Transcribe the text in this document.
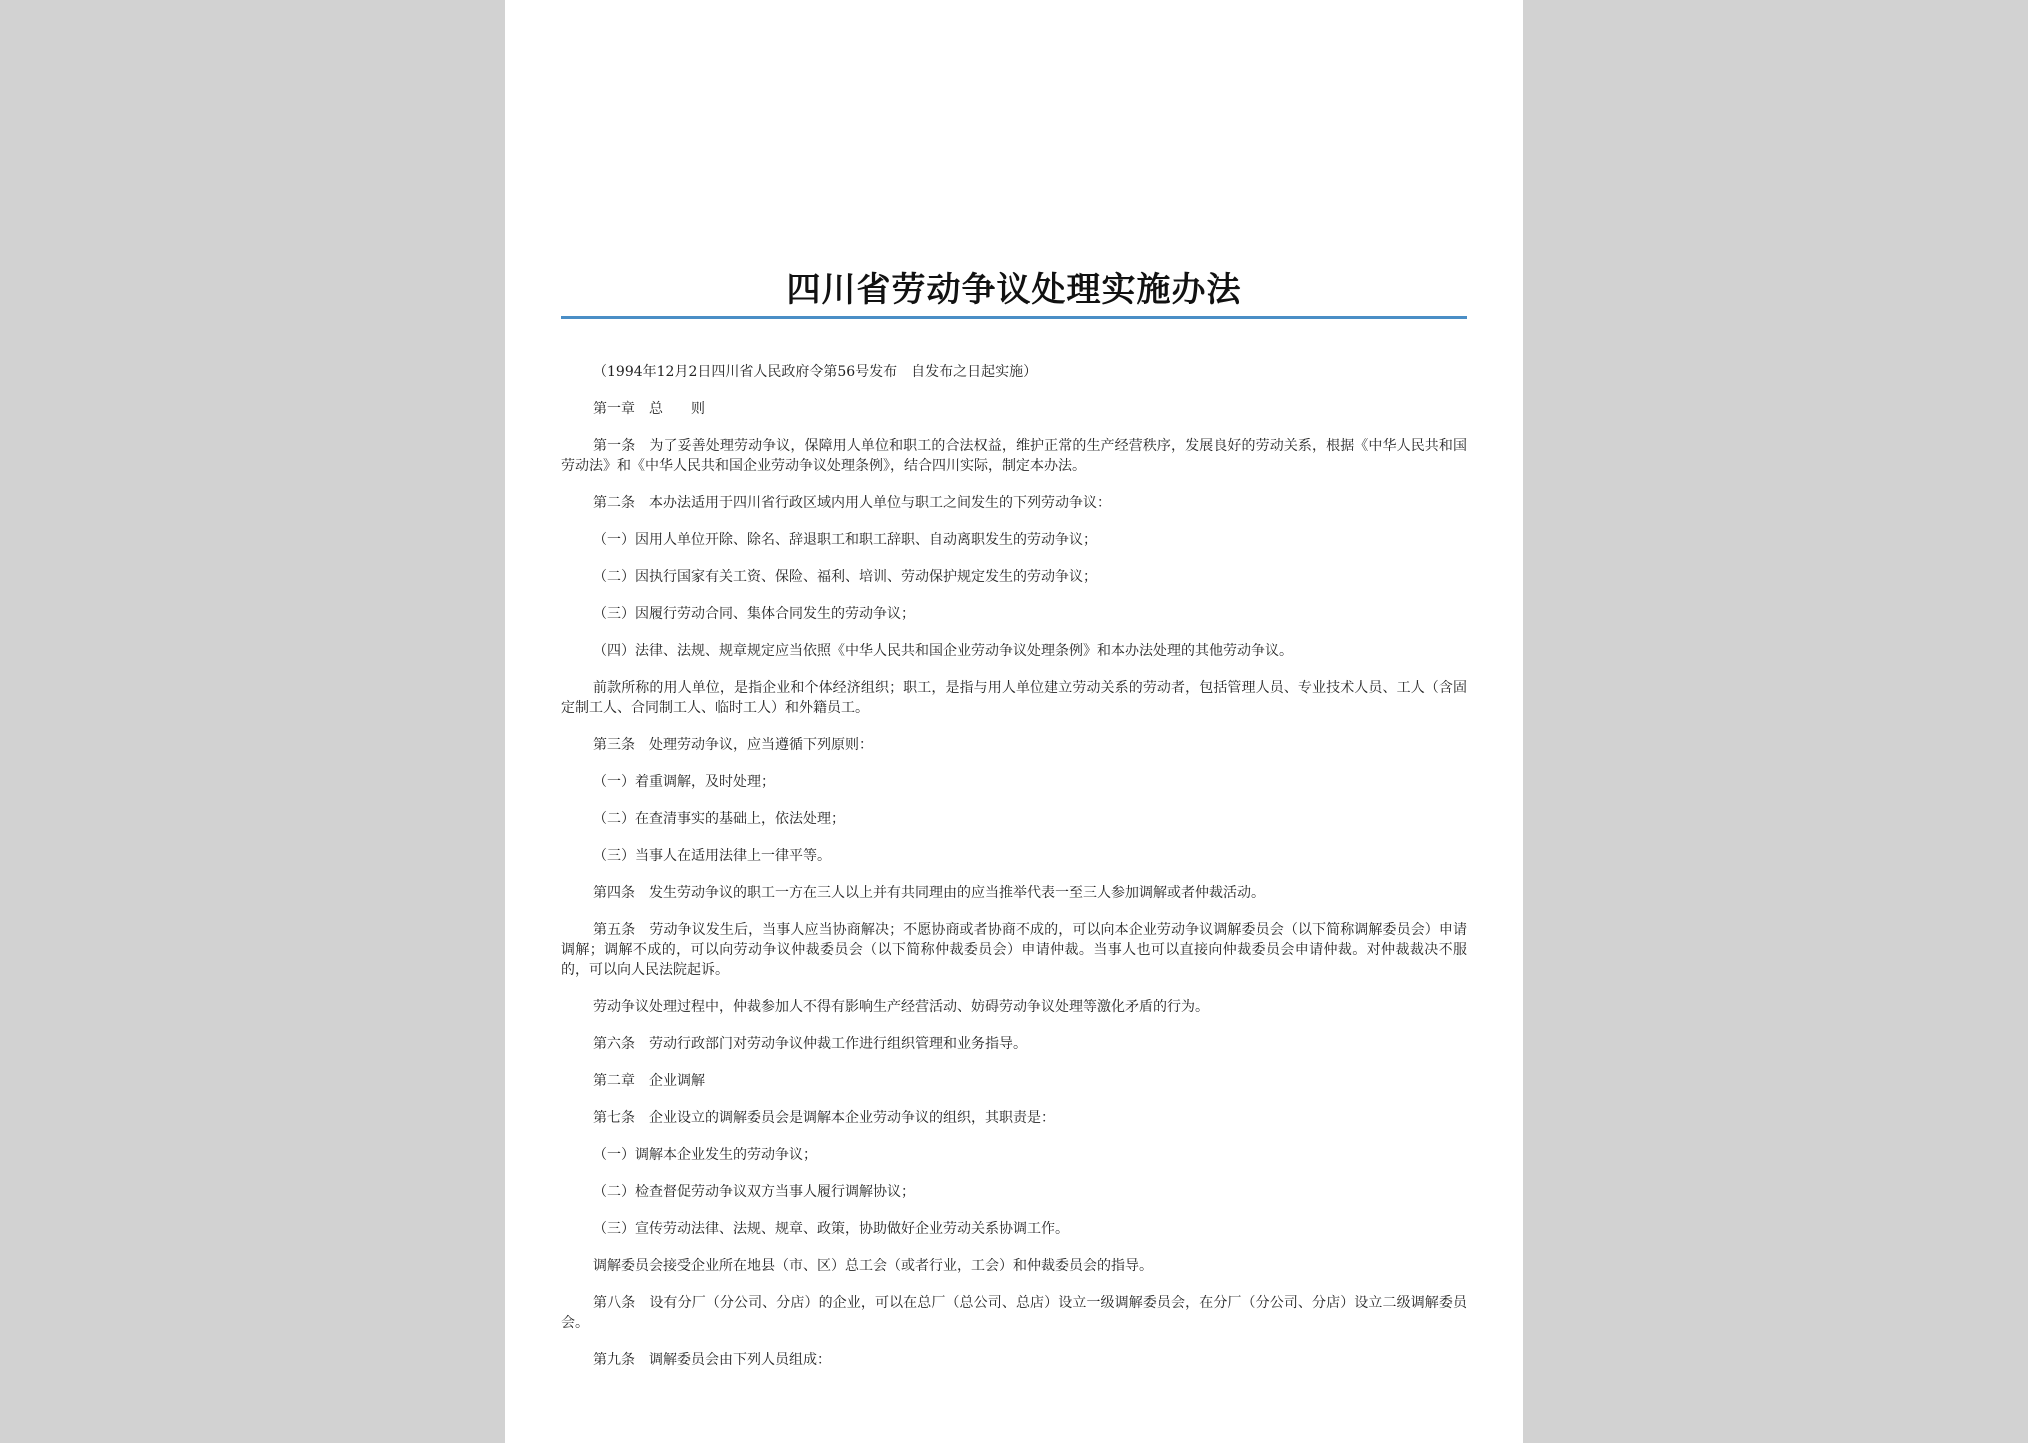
四川省劳动争议处理实施办法

（1994年12月2日四川省人民政府令第56号发布　自发布之日起实施）

第一章　总　　则

第一条　为了妥善处理劳动争议，保障用人单位和职工的合法权益，维护正常的生产经营秩序，发展良好的劳动关系，根据《中华人民共和国劳动法》和《中华人民共和国企业劳动争议处理条例》，结合四川实际，制定本办法。

第二条　本办法适用于四川省行政区域内用人单位与职工之间发生的下列劳动争议：

（一）因用人单位开除、除名、辞退职工和职工辞职、自动离职发生的劳动争议；

（二）因执行国家有关工资、保险、福利、培训、劳动保护规定发生的劳动争议；

（三）因履行劳动合同、集体合同发生的劳动争议；

（四）法律、法规、规章规定应当依照《中华人民共和国企业劳动争议处理条例》和本办法处理的其他劳动争议。

前款所称的用人单位，是指企业和个体经济组织；职工，是指与用人单位建立劳动关系的劳动者，包括管理人员、专业技术人员、工人（含固定制工人、合同制工人、临时工人）和外籍员工。

第三条　处理劳动争议，应当遵循下列原则：

（一）着重调解，及时处理；

（二）在查清事实的基础上，依法处理；

（三）当事人在适用法律上一律平等。

第四条　发生劳动争议的职工一方在三人以上并有共同理由的应当推举代表一至三人参加调解或者仲裁活动。

第五条　劳动争议发生后，当事人应当协商解决；不愿协商或者协商不成的，可以向本企业劳动争议调解委员会（以下简称调解委员会）申请调解；调解不成的，可以向劳动争议仲裁委员会（以下简称仲裁委员会）申请仲裁。当事人也可以直接向仲裁委员会申请仲裁。对仲裁裁决不服的，可以向人民法院起诉。

劳动争议处理过程中，仲裁参加人不得有影响生产经营活动、妨碍劳动争议处理等激化矛盾的行为。

第六条　劳动行政部门对劳动争议仲裁工作进行组织管理和业务指导。

第二章　企业调解

第七条　企业设立的调解委员会是调解本企业劳动争议的组织，其职责是：

（一）调解本企业发生的劳动争议；

（二）检查督促劳动争议双方当事人履行调解协议；

（三）宣传劳动法律、法规、规章、政策，协助做好企业劳动关系协调工作。

调解委员会接受企业所在地县（市、区）总工会（或者行业，工会）和仲裁委员会的指导。

第八条　设有分厂（分公司、分店）的企业，可以在总厂（总公司、总店）设立一级调解委员会，在分厂（分公司、分店）设立二级调解委员会。

第九条　调解委员会由下列人员组成：
